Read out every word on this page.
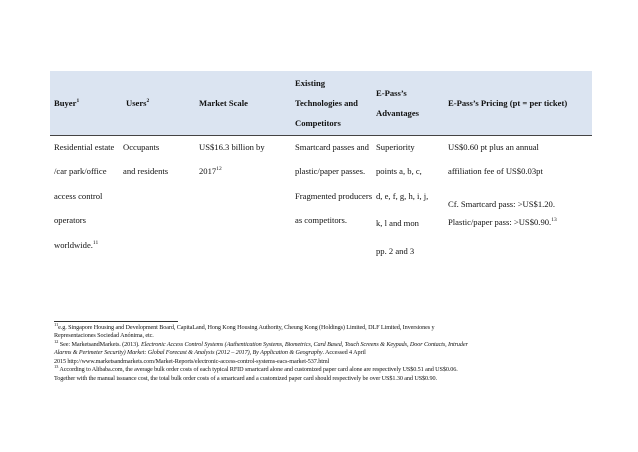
Buyer$^1$	Users$^2$	Market Scale
Existing
Technologies and
Competitors
E-Pass’s
Advantages
E-Pass’s Pricing (pt = per ticket)
Residential estate
/car park/office
access control
operators
worldwide.$^{11}$
Occupants
and residents
US$16.3 billion by
2017$^{12}$
Smartcard passes and
plastic/paper passes.
Fragmented producers
as competitors.
Superiority
points a, b, c,
d, e, f, g, h, i, j,
k, l and mon
pp. 2 and 3
US$0.60 pt plus an annual
affiliation fee of US$0.03pt
Cf. Smartcard pass: >US$1.20.
Plastic/paper pass: >US$0.90.13

$^{11}$e.g. Singapore Housing and Development Board, CapitaLand, Hong Kong Housing Authority, Cheung Kong (Holdings) Limited, DLF Limited, Inversiones y

Representaciones Sociedad Anónima, etc.

$^{12}$ See: MarketsandMarkets. (2013). Electronic Access Control Systems (Authentication Systems, Biometrics, Card Based, Touch Screens & Keypads, Door Contacts, Intruder

Alarms & Perimeter Security) Market: Global Forecast & Analysis (2012 – 2017), By Application & Geography. Accessed 4 April

2015 http://www.marketsandmarkets.com/Market-Reports/electronic-access-control-systems-eacs-market-537.html

$^{13}$ According to Alibaba.com, the average bulk order costs of each typical RFID smartcard alone and customized paper card alone are respectively US$0.51 and US$0.06.

Together with the manual issuance cost, the total bulk order costs of a smartcard and a customized paper card should respectively be over US$1.30 and US$0.90.
